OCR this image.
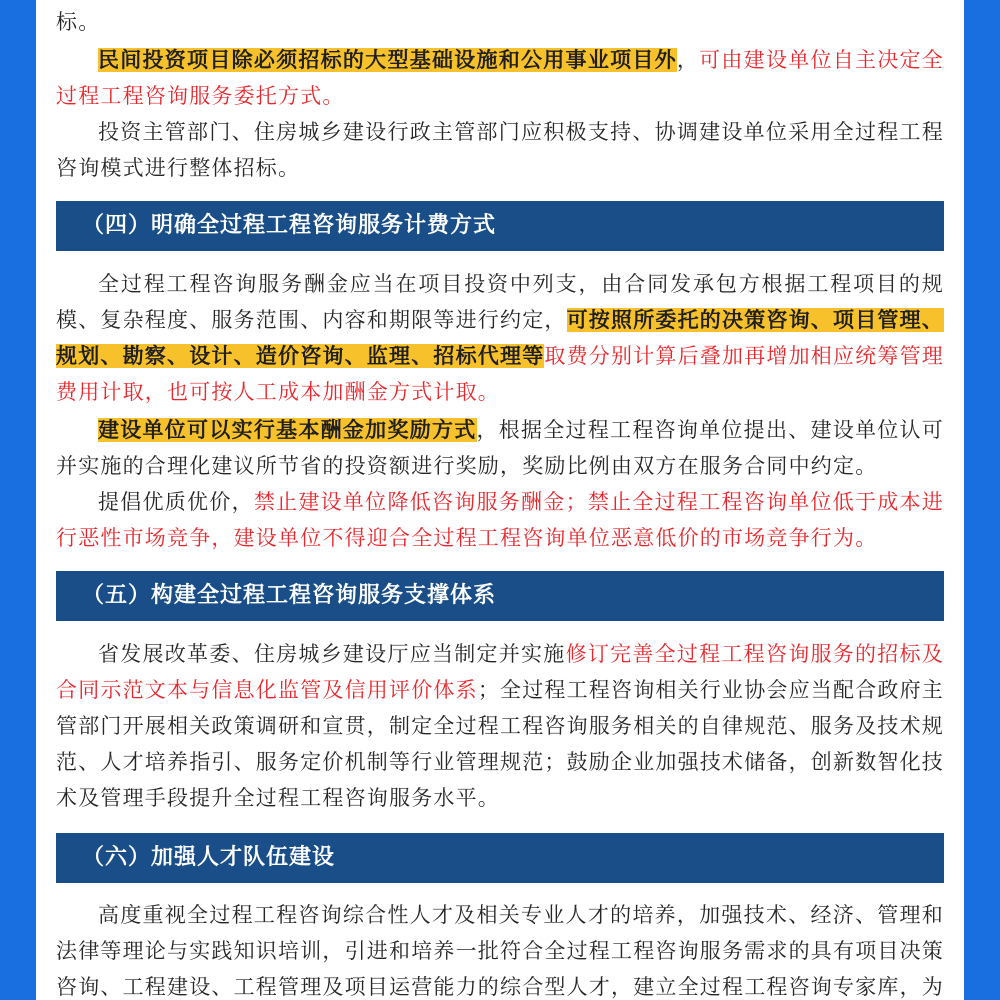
标。

民间投资项目除必须招标的大型基础设施和公用事业项目外，可由建设单位自主决定全过程工程咨询服务委托方式。

投资主管部门、住房城乡建设行政主管部门应积极支持、协调建设单位采用全过程工程咨询模式进行整体招标。

（四）明确全过程工程咨询服务计费方式

全过程工程咨询服务酬金应当在项目投资中列支，由合同发承包方根据工程项目的规模、复杂程度、服务范围、内容和期限等进行约定，可按照所委托的决策咨询、项目管理、规划、勘察、设计、造价咨询、监理、招标代理等取费分别计算后叠加再增加相应统筹管理费用计取，也可按人工成本加酬金方式计取。

建设单位可以实行基本酬金加奖励方式，根据全过程工程咨询单位提出、建设单位认可并实施的合理化建议所节省的投资额进行奖励，奖励比例由双方在服务合同中约定。

提倡优质优价，禁止建设单位降低咨询服务酬金；禁止全过程工程咨询单位低于成本进行恶性市场竞争，建设单位不得迎合全过程工程咨询单位恶意低价的市场竞争行为。

（五）构建全过程工程咨询服务支撑体系

省发展改革委、住房城乡建设厅应当制定并实施修订完善全过程工程咨询服务的招标及合同示范文本与信息化监管及信用评价体系；全过程工程咨询相关行业协会应当配合政府主管部门开展相关政策调研和宣贯，制定全过程工程咨询服务相关的自律规范、服务及技术规范、人才培养指引、服务定价机制等行业管理规范；鼓励企业加强技术储备，创新数智化技术及管理手段提升全过程工程咨询服务水平。

（六）加强人才队伍建设

高度重视全过程工程咨询综合性人才及相关专业人才的培养，加强技术、经济、管理和法律等理论与实践知识培训，引进和培养一批符合全过程工程咨询服务需求的具有项目决策咨询、工程建设、工程管理及项目运营能力的综合型人才，建立全过程工程咨询专家库，为
